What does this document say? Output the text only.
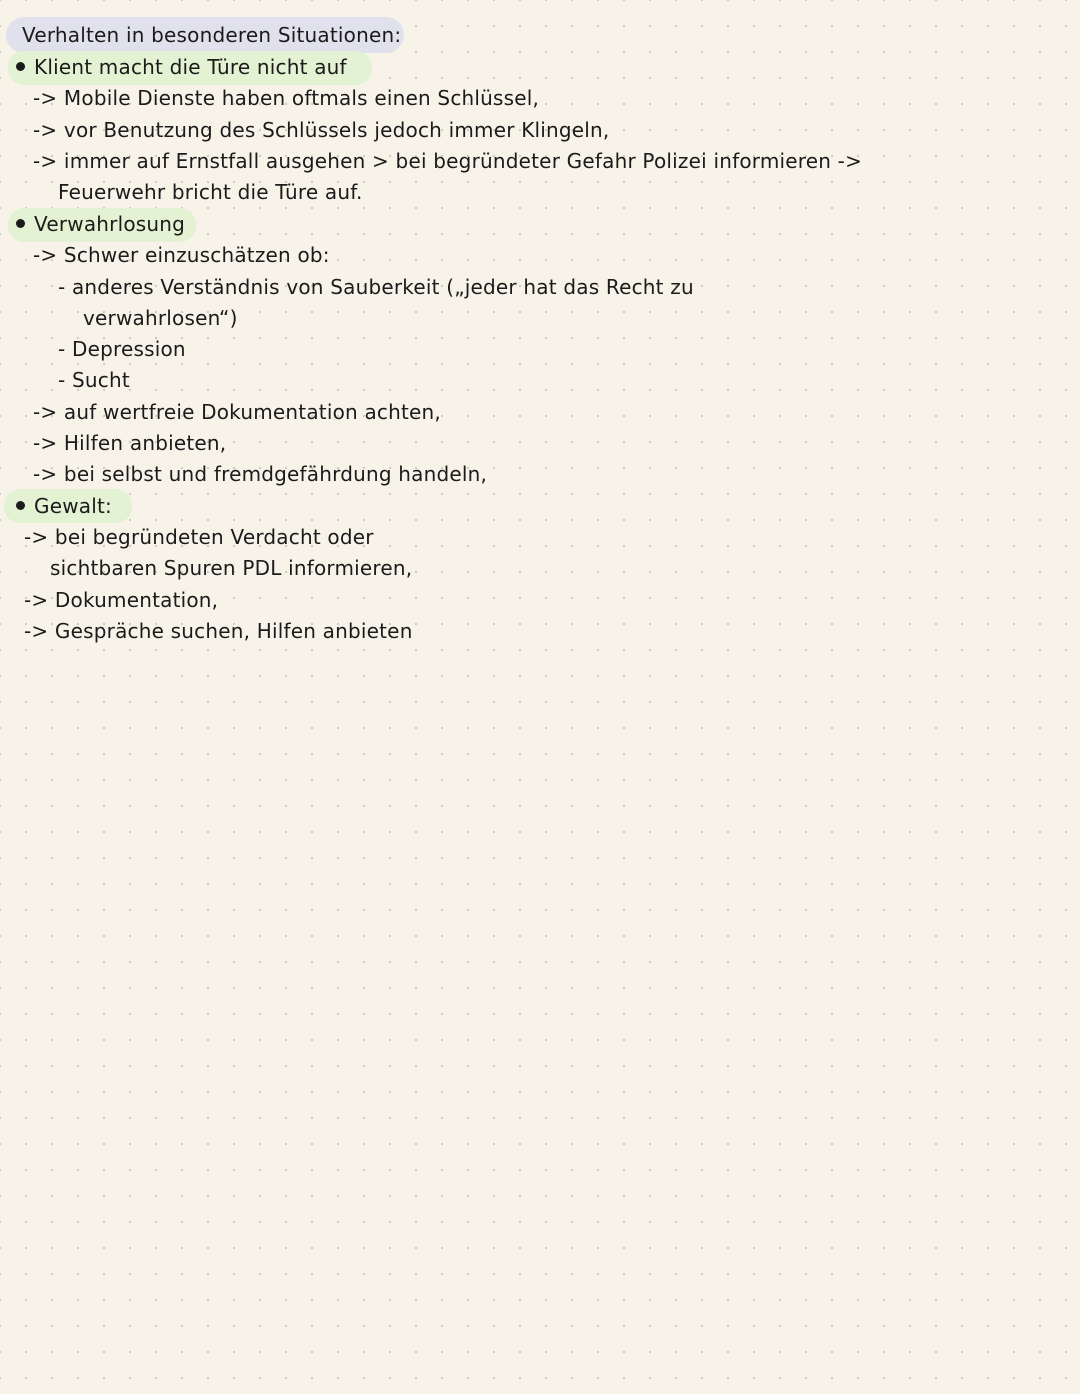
Verhalten in besonderen Situationen:
Klient macht die Türe nicht auf
-> Mobile Dienste haben oftmals einen Schlüssel,
-> vor Benutzung des Schlüssels jedoch immer Klingeln,
-> immer auf Ernstfall ausgehen > bei begründeter Gefahr Polizei informieren ->
Feuerwehr bricht die Türe auf.
Verwahrlosung
-> Schwer einzuschätzen ob:
- anderes Verständnis von Sauberkeit („jeder hat das Recht zu
verwahrlosen“)
- Depression
- Sucht
-> auf wertfreie Dokumentation achten,
-> Hilfen anbieten,
-> bei selbst und fremdgefährdung handeln,
Gewalt:
-> bei begründeten Verdacht oder
sichtbaren Spuren PDL informieren,
-> Dokumentation,
-> Gespräche suchen, Hilfen anbieten
